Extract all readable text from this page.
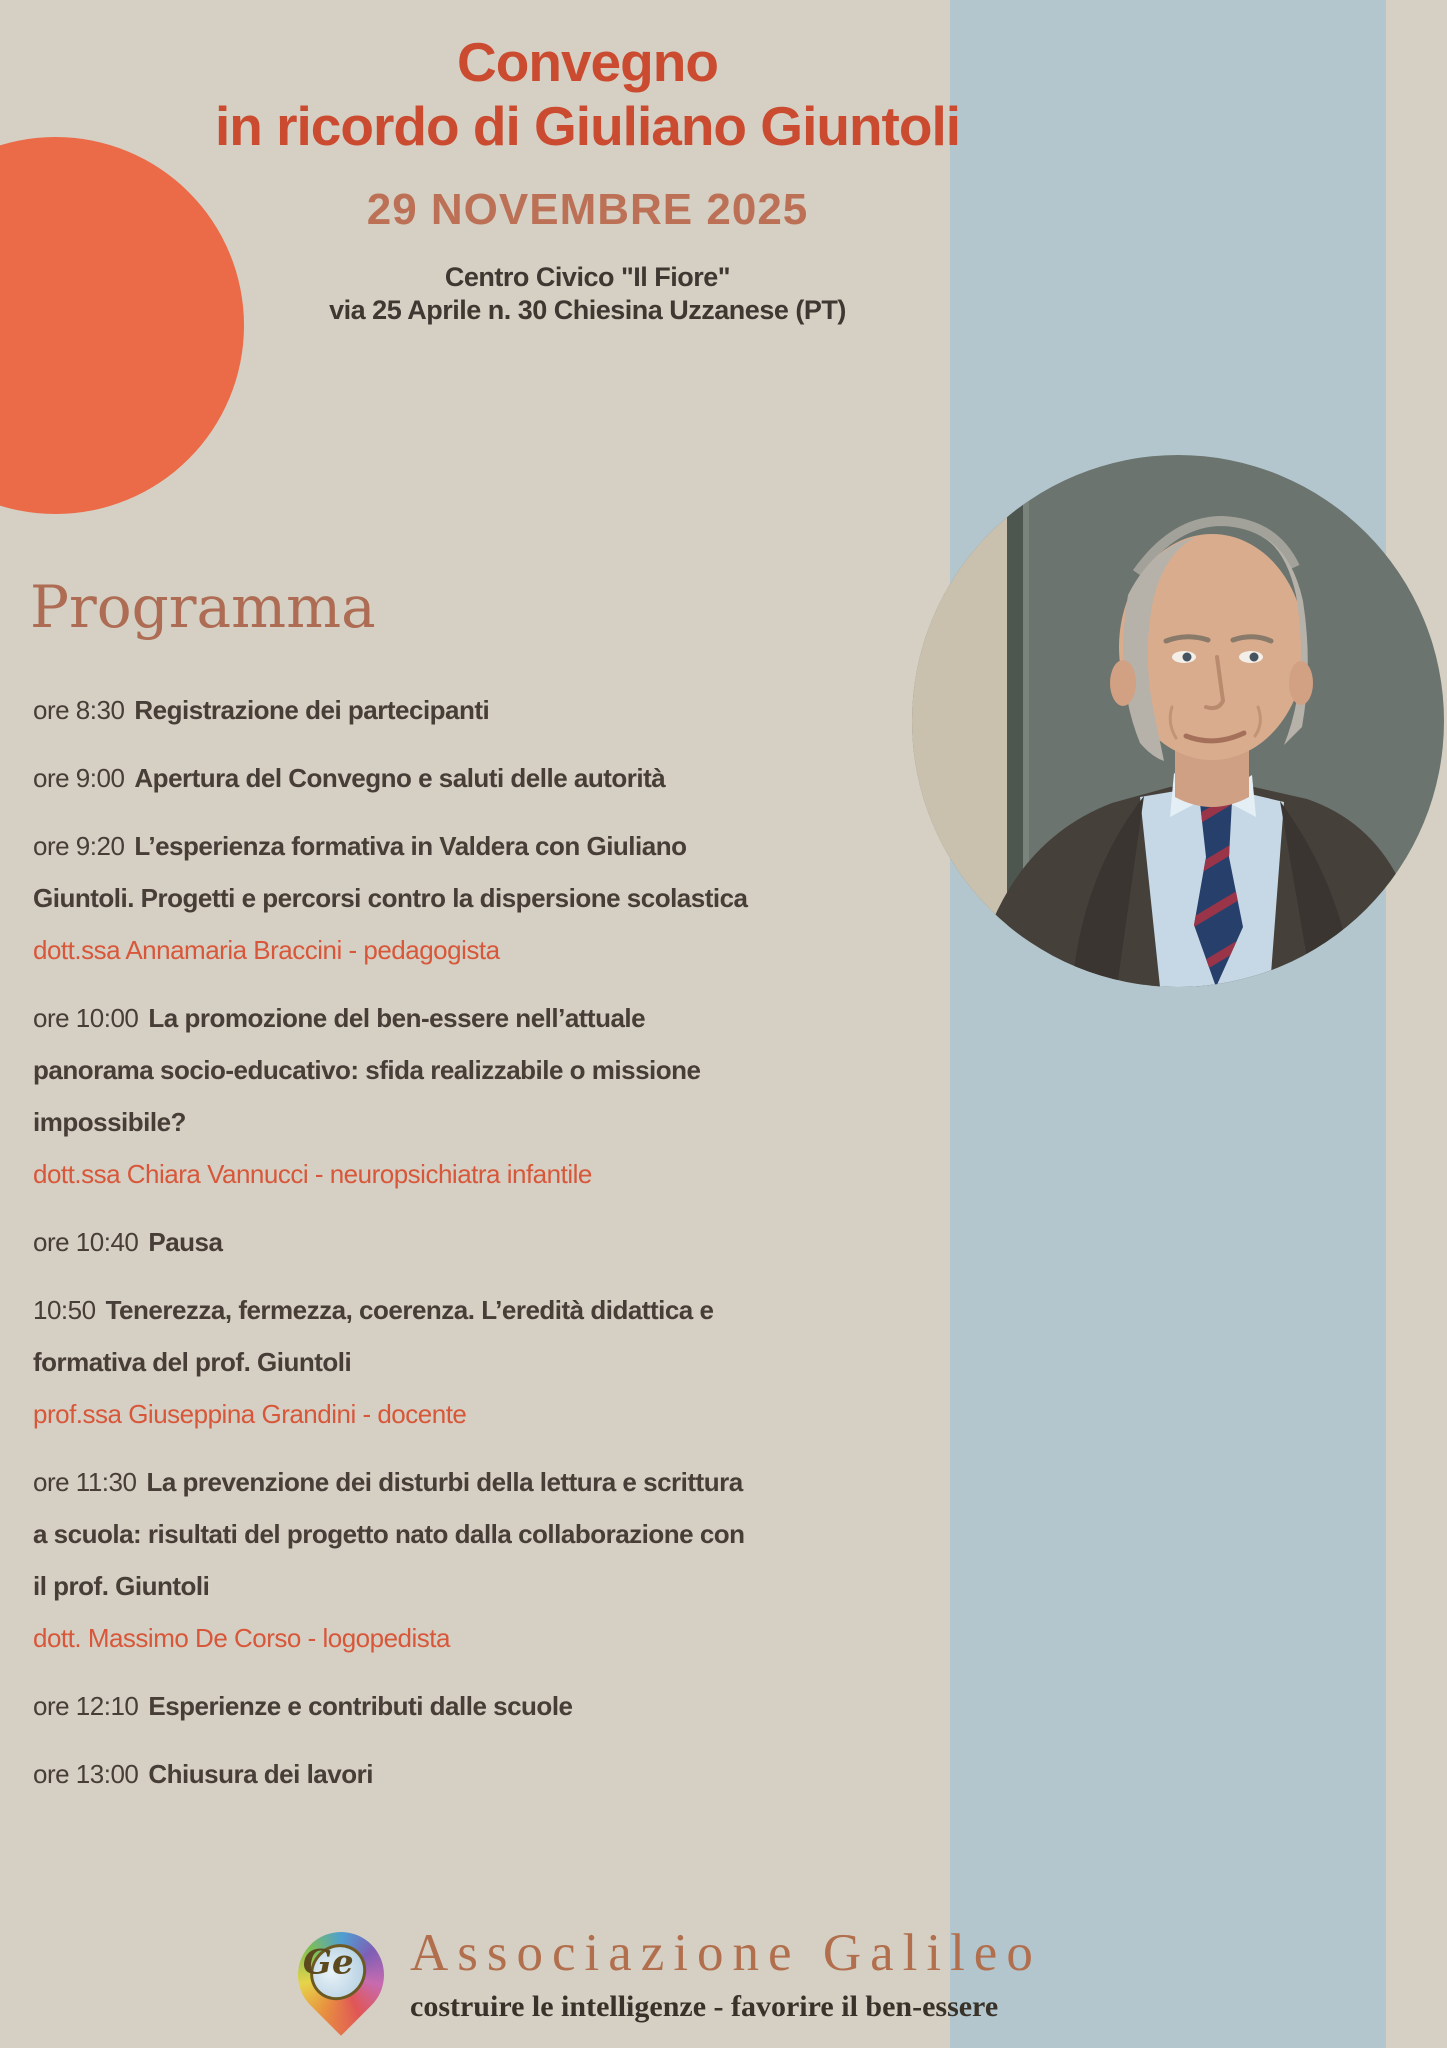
Convegno
in ricordo di Giuliano Giuntoli

29 NOVEMBRE 2025

Centro Civico "Il Fiore"

via 25 Aprile n. 30 Chiesina Uzzanese (PT)

Programma

ore 8:30 Registrazione dei partecipanti

ore 9:00 Apertura del Convegno e saluti delle autorità

ore 9:20 L’esperienza formativa in Valdera con Giuliano Giuntoli. Progetti e percorsi contro la dispersione scolastica

dott.ssa Annamaria Braccini - pedagogista

ore 10:00 La promozione del ben-essere nell’attuale panorama socio-educativo: sfida realizzabile o missione impossibile?

dott.ssa Chiara Vannucci - neuropsichiatra infantile

ore 10:40 Pausa

10:50 Tenerezza, fermezza, coerenza. L’eredità didattica e formativa del prof. Giuntoli

prof.ssa Giuseppina Grandini - docente

ore 11:30 La prevenzione dei disturbi della lettura e scrittura a scuola: risultati del progetto nato dalla collaborazione con il prof. Giuntoli

dott. Massimo De Corso - logopedista

ore 12:10 Esperienze e contributi dalle scuole

ore 13:00 Chiusura dei lavori

Ge	Associazione Galileo

costruire le intelligenze - favorire il ben-essere
